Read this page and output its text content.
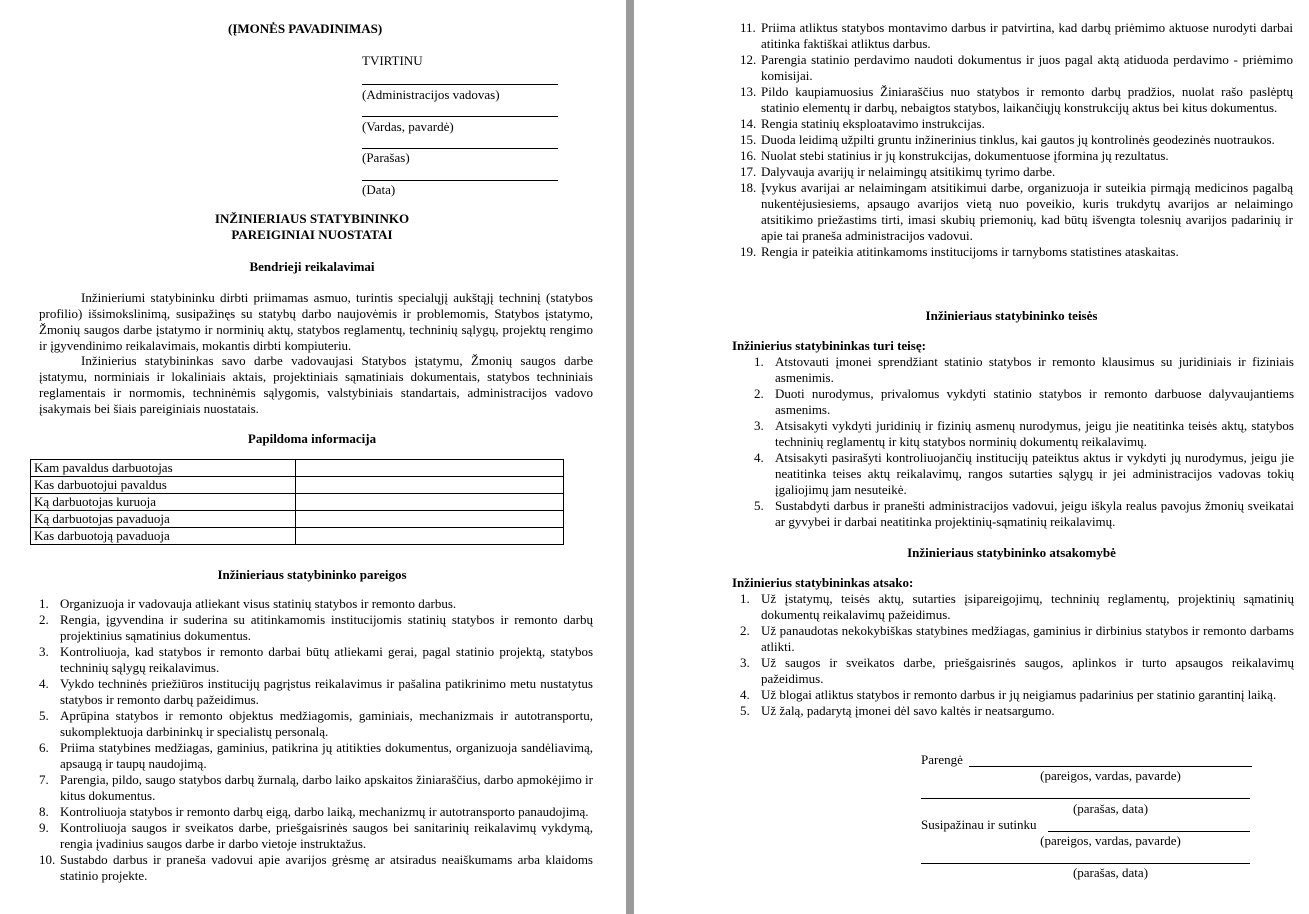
(ĮMONĖS PAVADINIMAS)
TVIRTINU
(Administracijos vadovas)
(Vardas, pavardė)
(Parašas)
(Data)
INŽINIERIAUS STATYBININKO
PAREIGINIAI NUOSTATAI
Bendrieji reikalavimai
Inžinieriumi statybininku dirbti priimamas asmuo, turintis specialųjį aukštąjį techninį (statybos profilio) išsimokslinimą, susipažinęs su statybų darbo naujovėmis ir problemomis, Statybos įstatymo, Žmonių saugos darbe įstatymo ir norminių aktų, statybos reglamentų, techninių sąlygų, projektų rengimo ir įgyvendinimo reikalavimais, mokantis dirbti kompiuteriu.
Inžinierius statybininkas savo darbe vadovaujasi Statybos įstatymu, Žmonių saugos darbe įstatymu, norminiais ir lokaliniais aktais, projektiniais sąmatiniais dokumentais, statybos techniniais reglamentais ir normomis, techninėmis sąlygomis, valstybiniais standartais, administracijos vadovo įsakymais bei šiais pareiginiais nuostatais.
Papildoma informacija
Kam pavaldus darbuotojas	
Kas darbuotojui pavaldus	
Ką darbuotojas kuruoja	
Ką darbuotojas pavaduoja	
Kas darbuotoją pavaduoja	
Inžinieriaus statybininko pareigos
1. Organizuoja ir vadovauja atliekant visus statinių statybos ir remonto darbus.
2. Rengia, įgyvendina ir suderina su atitinkamomis institucijomis statinių statybos ir remonto darbų projektinius sąmatinius dokumentus.
3. Kontroliuoja, kad statybos ir remonto darbai būtų atliekami gerai, pagal statinio projektą, statybos techninių sąlygų reikalavimus.
4. Vykdo techninės priežiūros institucijų pagrįstus reikalavimus ir pašalina patikrinimo metu nustatytus statybos ir remonto darbų pažeidimus.
5. Aprūpina statybos ir remonto objektus medžiagomis, gaminiais, mechanizmais ir autotransportu, sukomplektuoja darbininkų ir specialistų personalą.
6. Priima statybines medžiagas, gaminius, patikrina jų atitikties dokumentus, organizuoja sandėliavimą, apsaugą ir taupų naudojimą.
7. Parengia, pildo, saugo statybos darbų žurnalą, darbo laiko apskaitos žiniaraščius, darbo apmokėjimo ir kitus dokumentus.
8. Kontroliuoja statybos ir remonto darbų eigą, darbo laiką, mechanizmų ir autotransporto panaudojimą.
9. Kontroliuoja saugos ir sveikatos darbe, priešgaisrinės saugos bei sanitarinių reikalavimų vykdymą, rengia įvadinius saugos darbe ir darbo vietoje instruktažus.
10. Sustabdo darbus ir praneša vadovui apie avarijos grėsmę ar atsiradus neaiškumams arba klaidoms statinio projekte.
11. Priima atliktus statybos montavimo darbus ir patvirtina, kad darbų priėmimo aktuose nurodyti darbai atitinka faktiškai atliktus darbus.
12. Parengia statinio perdavimo naudoti dokumentus ir juos pagal aktą atiduoda perdavimo - priėmimo komisijai.
13. Pildo kaupiamuosius Žiniaraščius nuo statybos ir remonto darbų pradžios, nuolat rašo paslėptų statinio elementų ir darbų, nebaigtos statybos, laikančiųjų konstrukcijų aktus bei kitus dokumentus.
14. Rengia statinių eksploatavimo instrukcijas.
15. Duoda leidimą užpilti gruntu inžinerinius tinklus, kai gautos jų kontrolinės geodezinės nuotraukos.
16. Nuolat stebi statinius ir jų konstrukcijas, dokumentuose įformina jų rezultatus.
17. Dalyvauja avarijų ir nelaimingų atsitikimų tyrimo darbe.
18. Įvykus avarijai ar nelaimingam atsitikimui darbe, organizuoja ir suteikia pirmąją medicinos pagalbą nukentėjusiesiems, apsaugo avarijos vietą nuo poveikio, kuris trukdytų avarijos ar nelaimingo atsitikimo priežastims tirti, imasi skubių priemonių, kad būtų išvengta tolesnių avarijos padarinių ir apie tai praneša administracijos vadovui.
19. Rengia ir pateikia atitinkamoms institucijoms ir tarnyboms statistines ataskaitas.
Inžinieriaus statybininko teisės
Inžinierius statybininkas turi teisę:
1. Atstovauti įmonei sprendžiant statinio statybos ir remonto klausimus su juridiniais ir fiziniais asmenimis.
2. Duoti nurodymus, privalomus vykdyti statinio statybos ir remonto darbuose dalyvaujantiems asmenims.
3. Atsisakyti vykdyti juridinių ir fizinių asmenų nurodymus, jeigu jie neatitinka teisės aktų, statybos techninių reglamentų ir kitų statybos norminių dokumentų reikalavimų.
4. Atsisakyti pasirašyti kontroliuojančių institucijų pateiktus aktus ir vykdyti jų nurodymus, jeigu jie neatitinka teises aktų reikalavimų, rangos sutarties sąlygų ir jei administracijos vadovas tokių įgaliojimų jam nesuteikė.
5. Sustabdyti darbus ir pranešti administracijos vadovui, jeigu iškyla realus pavojus žmonių sveikatai ar gyvybei ir darbai neatitinka projektinių-sąmatinių reikalavimų.
Inžinieriaus statybininko atsakomybė
Inžinierius statybininkas atsako:
1. Už įstatymų, teisės aktų, sutarties įsipareigojimų, techninių reglamentų, projektinių sąmatinių dokumentų reikalavimų pažeidimus.
2. Už panaudotas nekokybiškas statybines medžiagas, gaminius ir dirbinius statybos ir remonto darbams atlikti.
3. Už saugos ir sveikatos darbe, priešgaisrinės saugos, aplinkos ir turto apsaugos reikalavimų pažeidimus.
4. Už blogai atliktus statybos ir remonto darbus ir jų neigiamus padarinius per statinio garantinį laiką.
5. Už žalą, padarytą įmonei dėl savo kaltės ir neatsargumo.
Parengė
(pareigos, vardas, pavarde)
(parašas, data)
Susipažinau ir sutinku
(pareigos, vardas, pavarde)
(parašas, data)
